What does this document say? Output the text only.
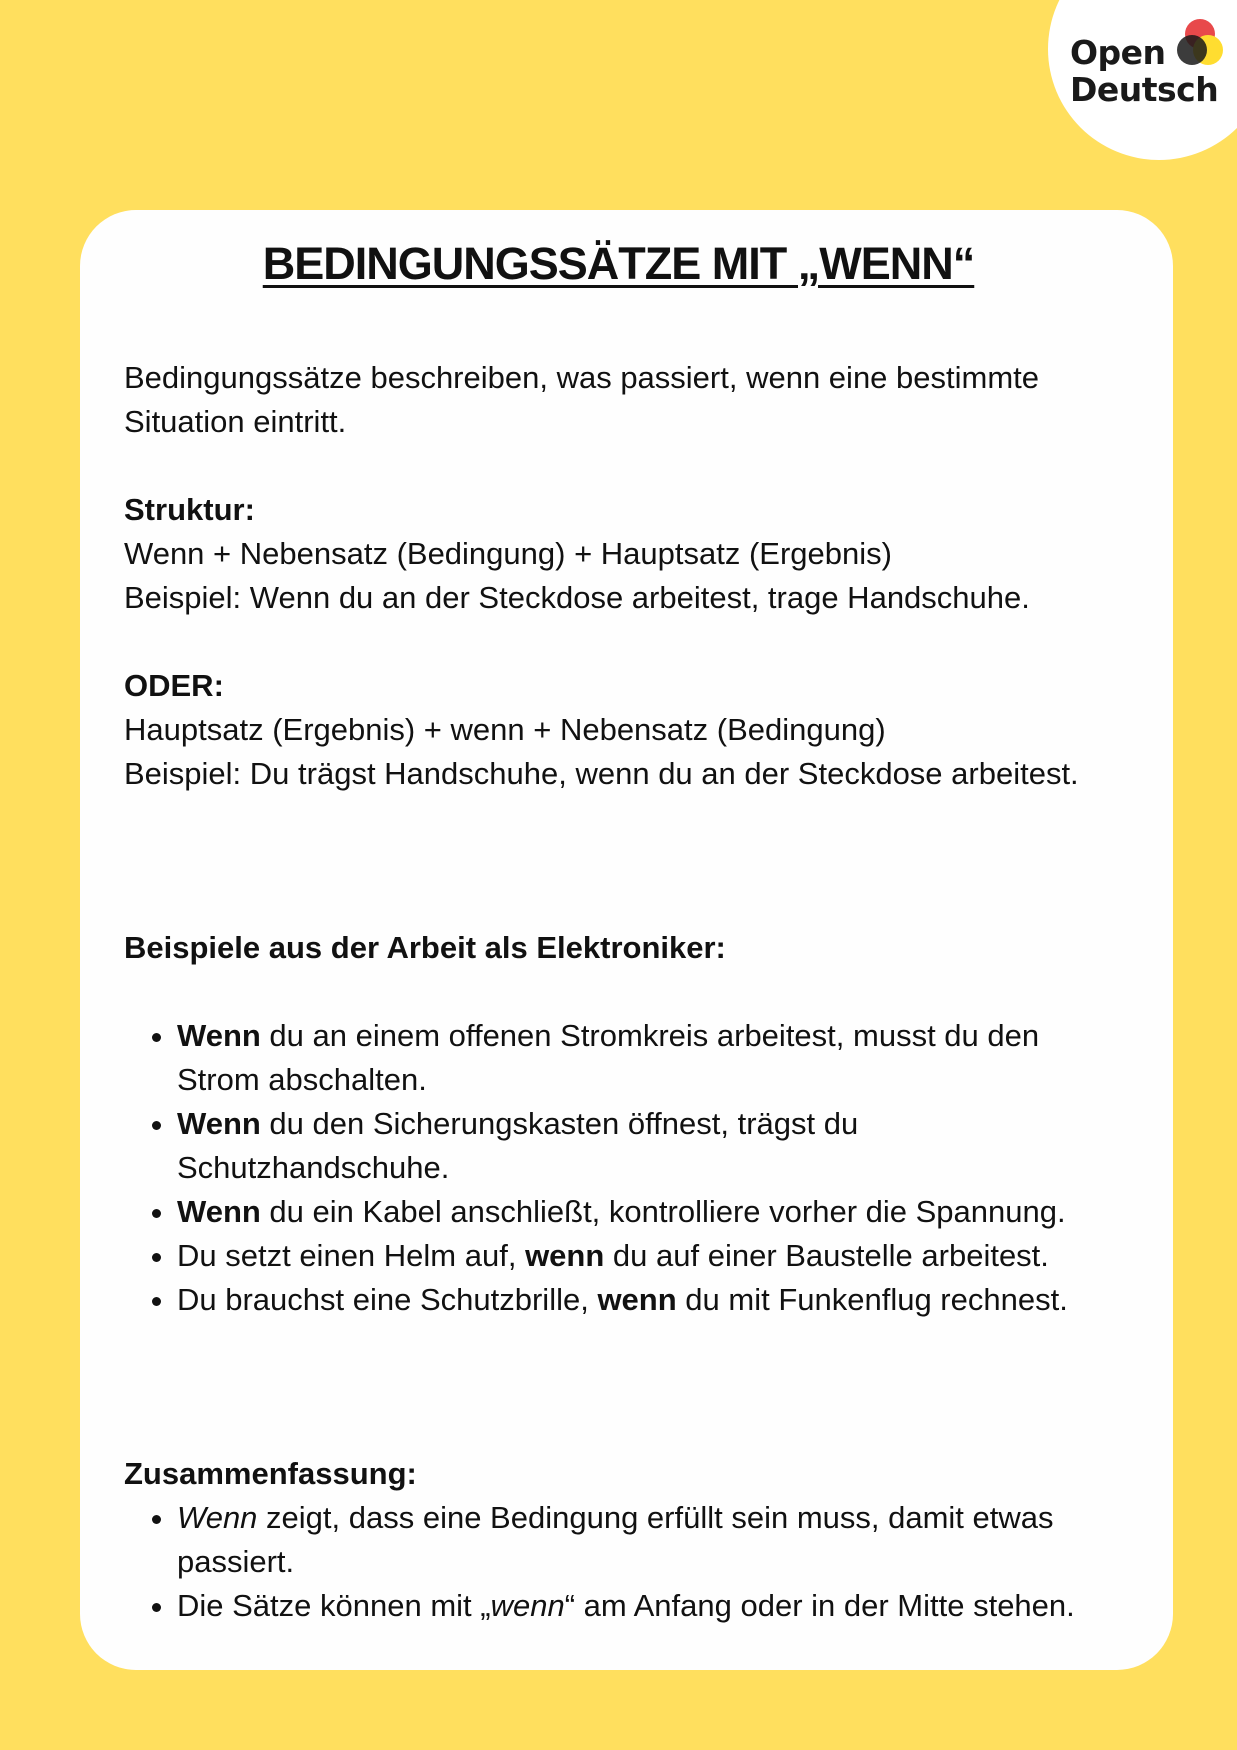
Open
Deutsch
BEDINGUNGSSÄTZE MIT „WENN“

Bedingungssätze beschreiben, was passiert, wenn eine bestimmte Situation eintritt.

Struktur:

Wenn + Nebensatz (Bedingung) + Hauptsatz (Ergebnis)

Beispiel: Wenn du an der Steckdose arbeitest, trage Handschuhe.

ODER:

Hauptsatz (Ergebnis) + wenn + Nebensatz (Bedingung)

Beispiel: Du trägst Handschuhe, wenn du an der Steckdose arbeitest.

Beispiele aus der Arbeit als Elektroniker:

• Wenn du an einem offenen Stromkreis arbeitest, musst du den Strom abschalten.
• Wenn du den Sicherungskasten öffnest, trägst du Schutzhandschuhe.
• Wenn du ein Kabel anschließt, kontrolliere vorher die Spannung.
• Du setzt einen Helm auf, wenn du auf einer Baustelle arbeitest.
• Du brauchst eine Schutzbrille, wenn du mit Funkenflug rechnest.

Zusammenfassung:

• Wenn zeigt, dass eine Bedingung erfüllt sein muss, damit etwas passiert.
• Die Sätze können mit „wenn“ am Anfang oder in der Mitte stehen.
